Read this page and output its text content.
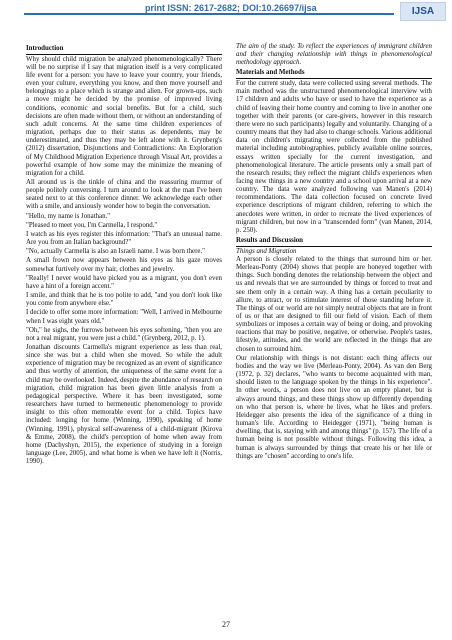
print ISSN: 2617-2682; DOI:10.26697/ijsa	IJSA
Introduction

Why should child migration be analyzed phenomenologically? There will be no surprise if I say that migration itself is a very complicated life event for a person: you have to leave your country, your friends, even your culture, everything you know, and then move yourself and belongings to a place which is strange and alien. For grown-ups, such a move might be decided by the promise of improved living conditions, economic and social benefits. But for a child, such decisions are often made without them, or without an understanding of such adult concerns. At the same time children experiences of migration, perhaps due to their status as dependents, may be underestimated, and thus they may be left alone with it. Grynberg's (2012) dissertation, Disjunctions and Contradictions: An Exploration of My Childhood Migration Experience through Visual Art, provides a powerful example of how some may the minimize the meaning of migration for a child.

All around us is the tinkle of china and the reassuring murmur of people politely conversing. I turn around to look at the man I've been seated next to at this conference dinner. We acknowledge each other with a smile, and anxiously wonder how to begin the conversation.

"Hello, my name is Jonathan."

"Pleased to meet you, I'm Carmella, I respond."

I watch as his eyes register this information: "That's an unusual name. Are you from an Italian background?"

"No, actually Carmella is also an Israeli name. I was born there."

A small frown now appears between his eyes as his gaze moves somewhat furtively over my hair, clothes and jewelry.

"Really! I never would have picked you as a migrant, you don't even have a hint of a foreign accent."

I smile, and think that he is too polite to add, "and you don't look like you come from anywhere else."

I decide to offer some more information: "Well, I arrived in Melbourne when I was eight years old."

"Oh," he sighs, the furrows between his eyes softening, "then you are not a real migrant, you were just a child." (Grynberg, 2012, p. 1).

Jonathan discounts Carmella's migrant experience as less than real, since she was but a child when she moved. So while the adult experience of migration may be recognized as an event of significance and thus worthy of attention, the uniqueness of the same event for a child may be overlooked. Indeed, despite the abundance of research on migration, child migration has been given little analysis from a pedagogical perspective. Where it has been investigated, some researchers have turned to hermeneutic phenomenology to provide insight to this often memorable event for a child. Topics have included: longing for home (Winning, 1990), speaking of home (Winning, 1991), physical self-awareness of a child-migrant (Kirova & Emme, 2008), the child's perception of home when away from home (Dachyshyn, 2015), the experience of studying in a foreign language (Lee, 2005), and what home is when we have left it (Norris, 1990).

The aim of the study. To reflect the experiences of immigrant children and their changing relationship with things in phenomenological methodology approach.

Materials and Methods

For the current study, data were collected using several methods. The main method was the unstructured phenomenological interview with 17 children and adults who have or used to have the experience as a child of leaving their home country and coming to live in another one together with their parents (or care-givers, however in this research there were no such participants) legally and voluntarily. Changing of a country means that they had also to change schools. Various additional data on children's migrating were collected from the published material including autobiographies, publicly available online sources, essays written specially for the current investigation, and phenomenological literature. The article presents only a small part of the research results; they reflect the migrant child's experiences when facing new things in a new country and a school upon arrival at a new country. The data were analyzed following van Manen's (2014) recommendations. The data collection focused on concrete lived experience descriptions of migrant children, referring to which the anecdotes were written, in order to recreate the lived experiences of migrant children, but now in a "transcended form" (van Manen, 2014, p. 250).

Results and Discussion
Things and Migration

A person is closely related to the things that surround him or her. Merleau-Ponty (2004) shows that people are honeyed together with things. Such bonding denotes the relationship between the object and us and reveals that we are surrounded by things or forced to treat and see them only in a certain way. A thing has a certain peculiarity to allure, to attract, or to stimulate interest of those standing before it. The things of our world are not simply neutral objects that are in front of us or that are designed to fill our field of vision. Each of them symbolizes or imposes a certain way of being or doing, and provoking reactions that may be positive, negative, or otherwise. People's tastes, lifestyle, attitudes, and the world are reflected in the things that are chosen to surround him.

Our relationship with things is not distant: each thing affects our bodies and the way we live (Merleau-Ponty, 2004). As van den Berg (1972, p. 32) declares, "who wants to become acquainted with man, should listen to the language spoken by the things in his experience". In other words, a person does not live on an empty planet, but is always around things, and these things show up differently depending on who that person is, where he lives, what he likes and prefers. Heidegger also presents the idea of the significance of a thing in human's life. According to Heidegger (1971), "being human is dwelling, that is, staying with and among things" (p. 157). The life of a human being is not possible without things. Following this idea, a human is always surrounded by things that create his or her life or things are "chosen" according to one's life.

27
